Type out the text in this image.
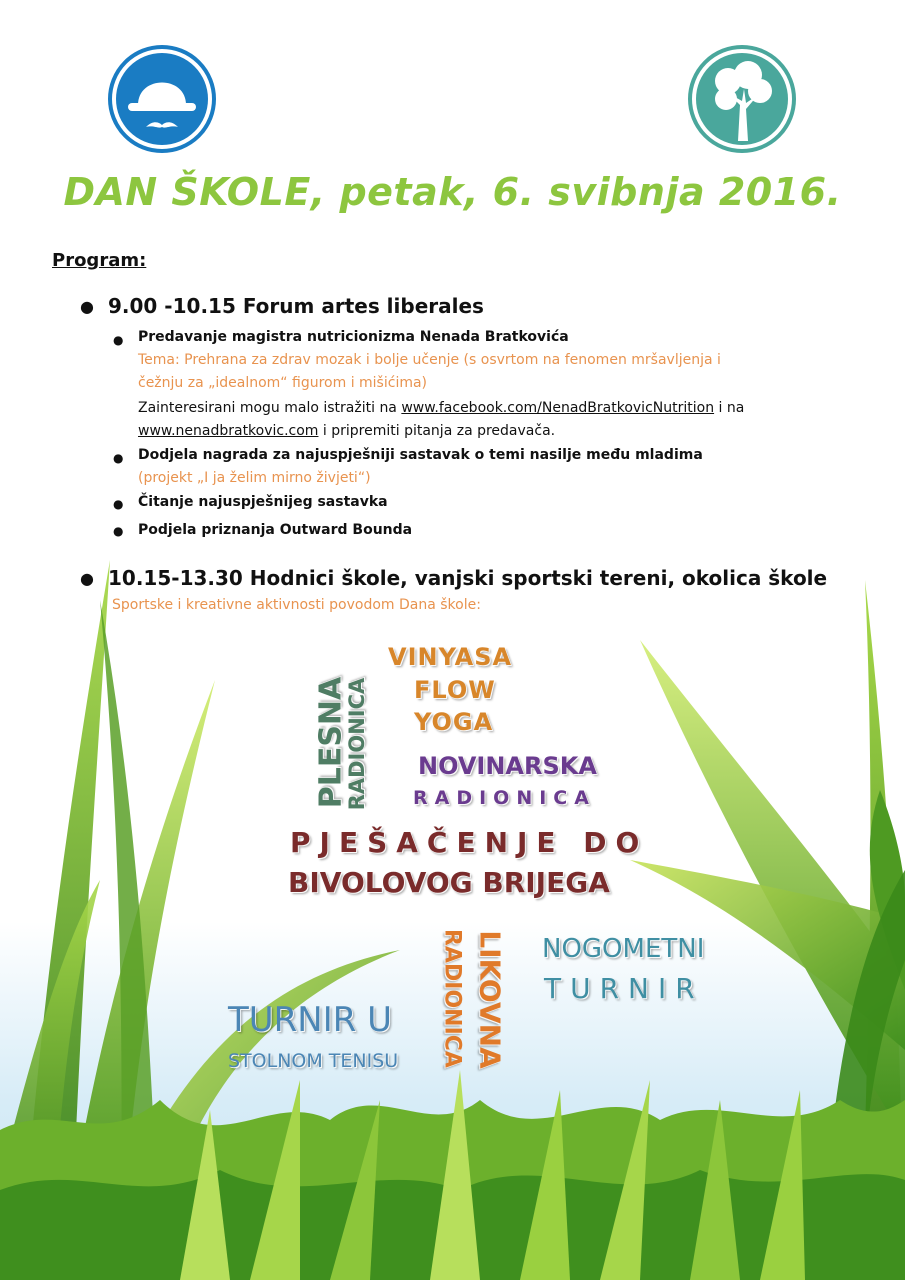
DAN ŠKOLE, petak, 6. svibnja 2016.
Program:
● 9.00 -10.15 Forum artes liberales
● Predavanje magistra nutricionizma Nenada Bratkovića
Tema: Prehrana za zdrav mozak i bolje učenje (s osvrtom na fenomen mršavljenja i
čežnju za „idealnom“ figurom i mišićima)
Zainteresirani mogu malo istražiti na www.facebook.com/NenadBratkovicNutrition i na
www.nenadbratkovic.com i pripremiti pitanja za predavača.
● Dodjela nagrada za najuspješniji sastavak o temi nasilje među mladima
(projekt „I ja želim mirno živjeti“)
● Čitanje najuspješnijeg sastavka
● Podjela priznanja Outward Bounda
● 10.15-13.30 Hodnici škole, vanjski sportski tereni, okolica škole
Sportske i kreativne aktivnosti povodom Dana škole:
VINYASA
FLOW
YOGA
PLESNA
RADIONICA NOVINARSKA
RADIONICA
PJEŠAČENJE DO
BIVOLOVOG BRIJEGA
LIKOVNA
RADIONICA	NOGOMETNI
TURNIR
TURNIR U
STOLNOM TENISU
